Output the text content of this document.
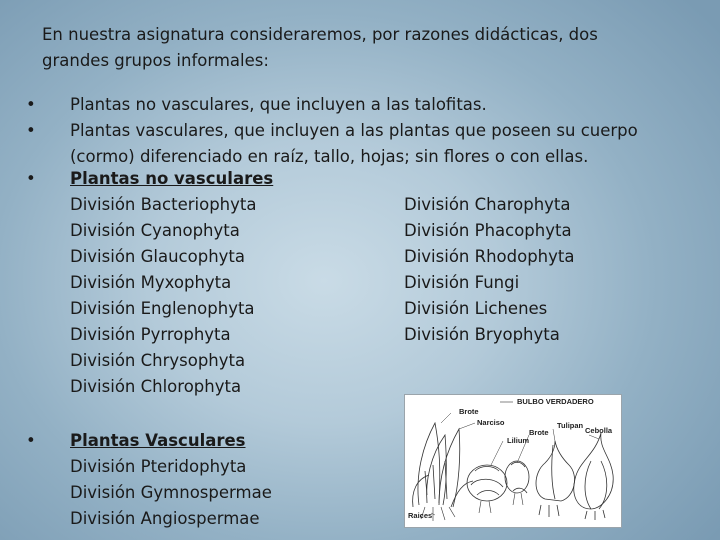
En nuestra asignatura consideraremos, por razones didácticas, dos
grandes grupos informales:

•	Plantas no vasculares, que incluyen a las talofitas.
•	Plantas vasculares, que incluyen a las plantas que poseen su cuerpo
(cormo) diferenciado en raíz, tallo, hojas; sin flores o con ellas.
•	Plantas no vasculares
División Bacteriophyta
División Cyanophyta
División Glaucophyta
División Myxophyta
División Englenophyta
División Pyrrophyta
División Chrysophyta
División Chlorophyta
División Charophyta
División Phacophyta
División Rhodophyta
División Fungi
División Lichenes
División Bryophyta
•	Plantas Vasculares
División Pteridophyta
División Gymnospermae
División Angiospermae
BULBO VERDADERO
Brote
Narciso
Lilium
Brote
Tulipan
Cebolla
Raices
